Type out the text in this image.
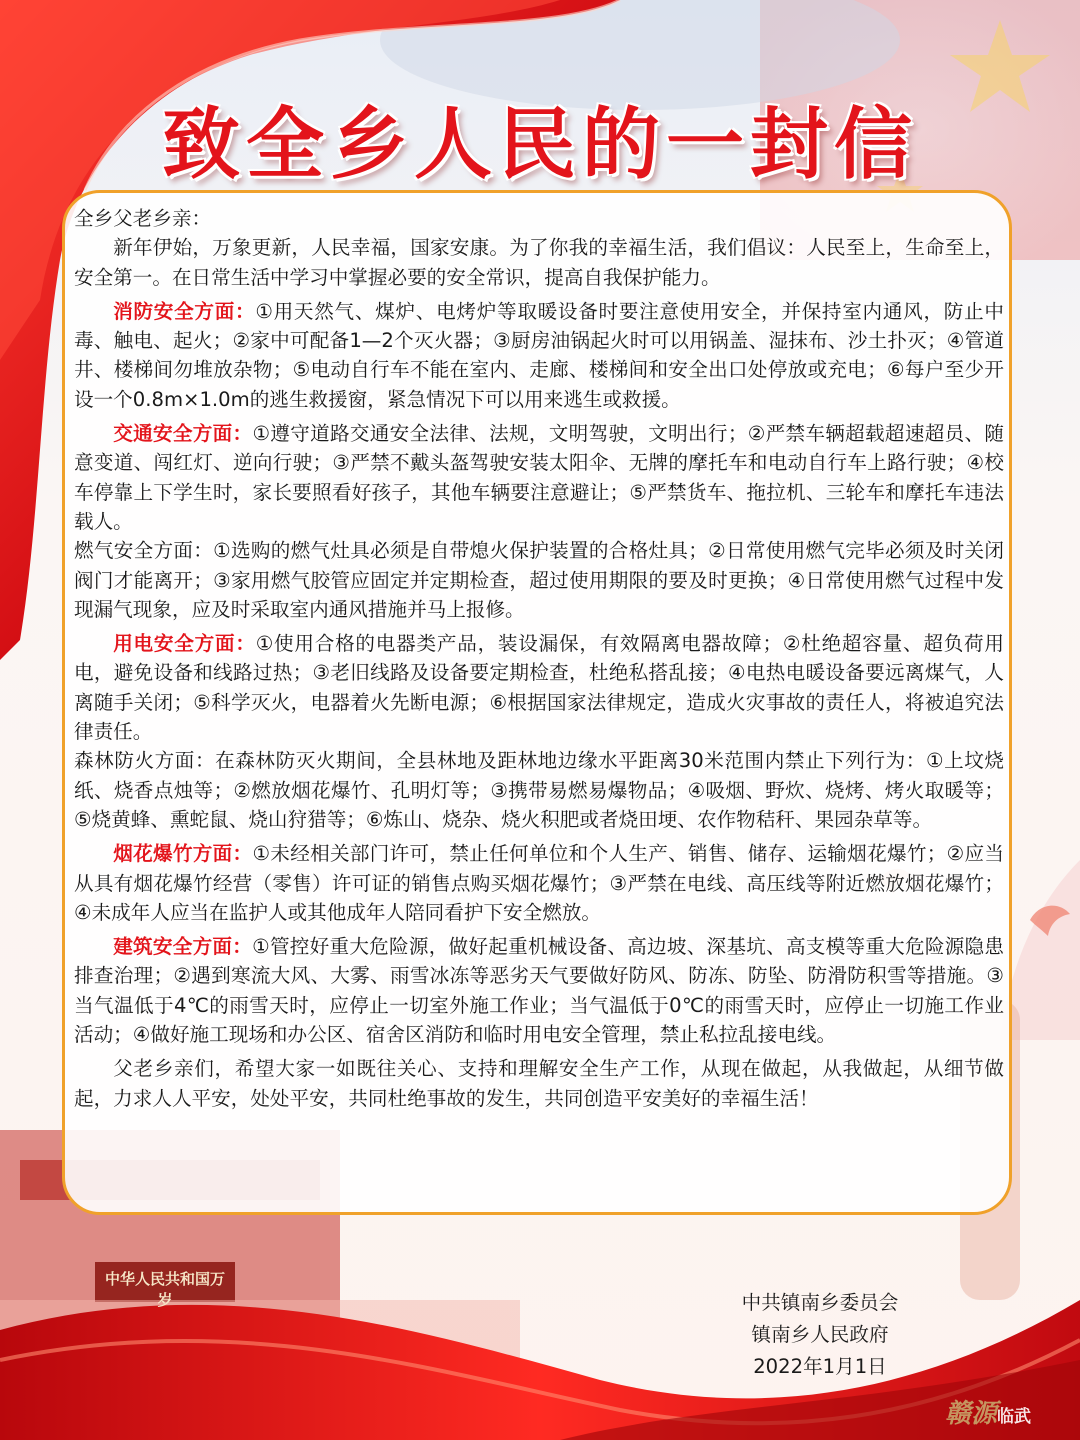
中华人民共和国万岁
致全乡人民的一封信

全乡父老乡亲：

新年伊始，万象更新，人民幸福，国家安康。为了你我的幸福生活，我们倡议：人民至上，生命至上，安全第一。在日常生活中学习中掌握必要的安全常识，提高自我保护能力。

消防安全方面：①用天然气、煤炉、电烤炉等取暖设备时要注意使用安全，并保持室内通风，防止中毒、触电、起火；②家中可配备1—2个灭火器；③厨房油锅起火时可以用锅盖、湿抹布、沙土扑灭；④管道井、楼梯间勿堆放杂物；⑤电动自行车不能在室内、走廊、楼梯间和安全出口处停放或充电；⑥每户至少开设一个0.8m×1.0m的逃生救援窗，紧急情况下可以用来逃生或救援。

交通安全方面：①遵守道路交通安全法律、法规，文明驾驶，文明出行；②严禁车辆超载超速超员、随意变道、闯红灯、逆向行驶；③严禁不戴头盔驾驶安装太阳伞、无牌的摩托车和电动自行车上路行驶；④校车停靠上下学生时，家长要照看好孩子，其他车辆要注意避让；⑤严禁货车、拖拉机、三轮车和摩托车违法载人。

燃气安全方面：①选购的燃气灶具必须是自带熄火保护装置的合格灶具；②日常使用燃气完毕必须及时关闭阀门才能离开；③家用燃气胶管应固定并定期检查，超过使用期限的要及时更换；④日常使用燃气过程中发现漏气现象，应及时采取室内通风措施并马上报修。

用电安全方面：①使用合格的电器类产品，装设漏保，有效隔离电器故障；②杜绝超容量、超负荷用电，避免设备和线路过热；③老旧线路及设备要定期检查，杜绝私搭乱接；④电热电暖设备要远离煤气，人离随手关闭；⑤科学灭火，电器着火先断电源；⑥根据国家法律规定，造成火灾事故的责任人，将被追究法律责任。

森林防火方面：在森林防灭火期间，全县林地及距林地边缘水平距离30米范围内禁止下列行为：①上坟烧纸、烧香点烛等；②燃放烟花爆竹、孔明灯等；③携带易燃易爆物品；④吸烟、野炊、烧烤、烤火取暖等；⑤烧黄蜂、熏蛇鼠、烧山狩猎等；⑥炼山、烧杂、烧火积肥或者烧田埂、农作物秸秆、果园杂草等。

烟花爆竹方面：①未经相关部门许可，禁止任何单位和个人生产、销售、储存、运输烟花爆竹；②应当从具有烟花爆竹经营（零售）许可证的销售点购买烟花爆竹；③严禁在电线、高压线等附近燃放烟花爆竹；④未成年人应当在监护人或其他成年人陪同看护下安全燃放。

建筑安全方面：①管控好重大危险源，做好起重机械设备、高边坡、深基坑、高支模等重大危险源隐患排查治理；②遇到寒流大风、大雾、雨雪冰冻等恶劣天气要做好防风、防冻、防坠、防滑防积雪等措施。③当气温低于4℃的雨雪天时，应停止一切室外施工作业；当气温低于0℃的雨雪天时，应停止一切施工作业活动；④做好施工现场和办公区、宿舍区消防和临时用电安全管理，禁止私拉乱接电线。

父老乡亲们，希望大家一如既往关心、支持和理解安全生产工作，从现在做起，从我做起，从细节做起，力求人人平安，处处平安，共同杜绝事故的发生，共同创造平安美好的幸福生活！

中共镇南乡委员会

镇南乡人民政府

2022年1月1日

赣源临武
